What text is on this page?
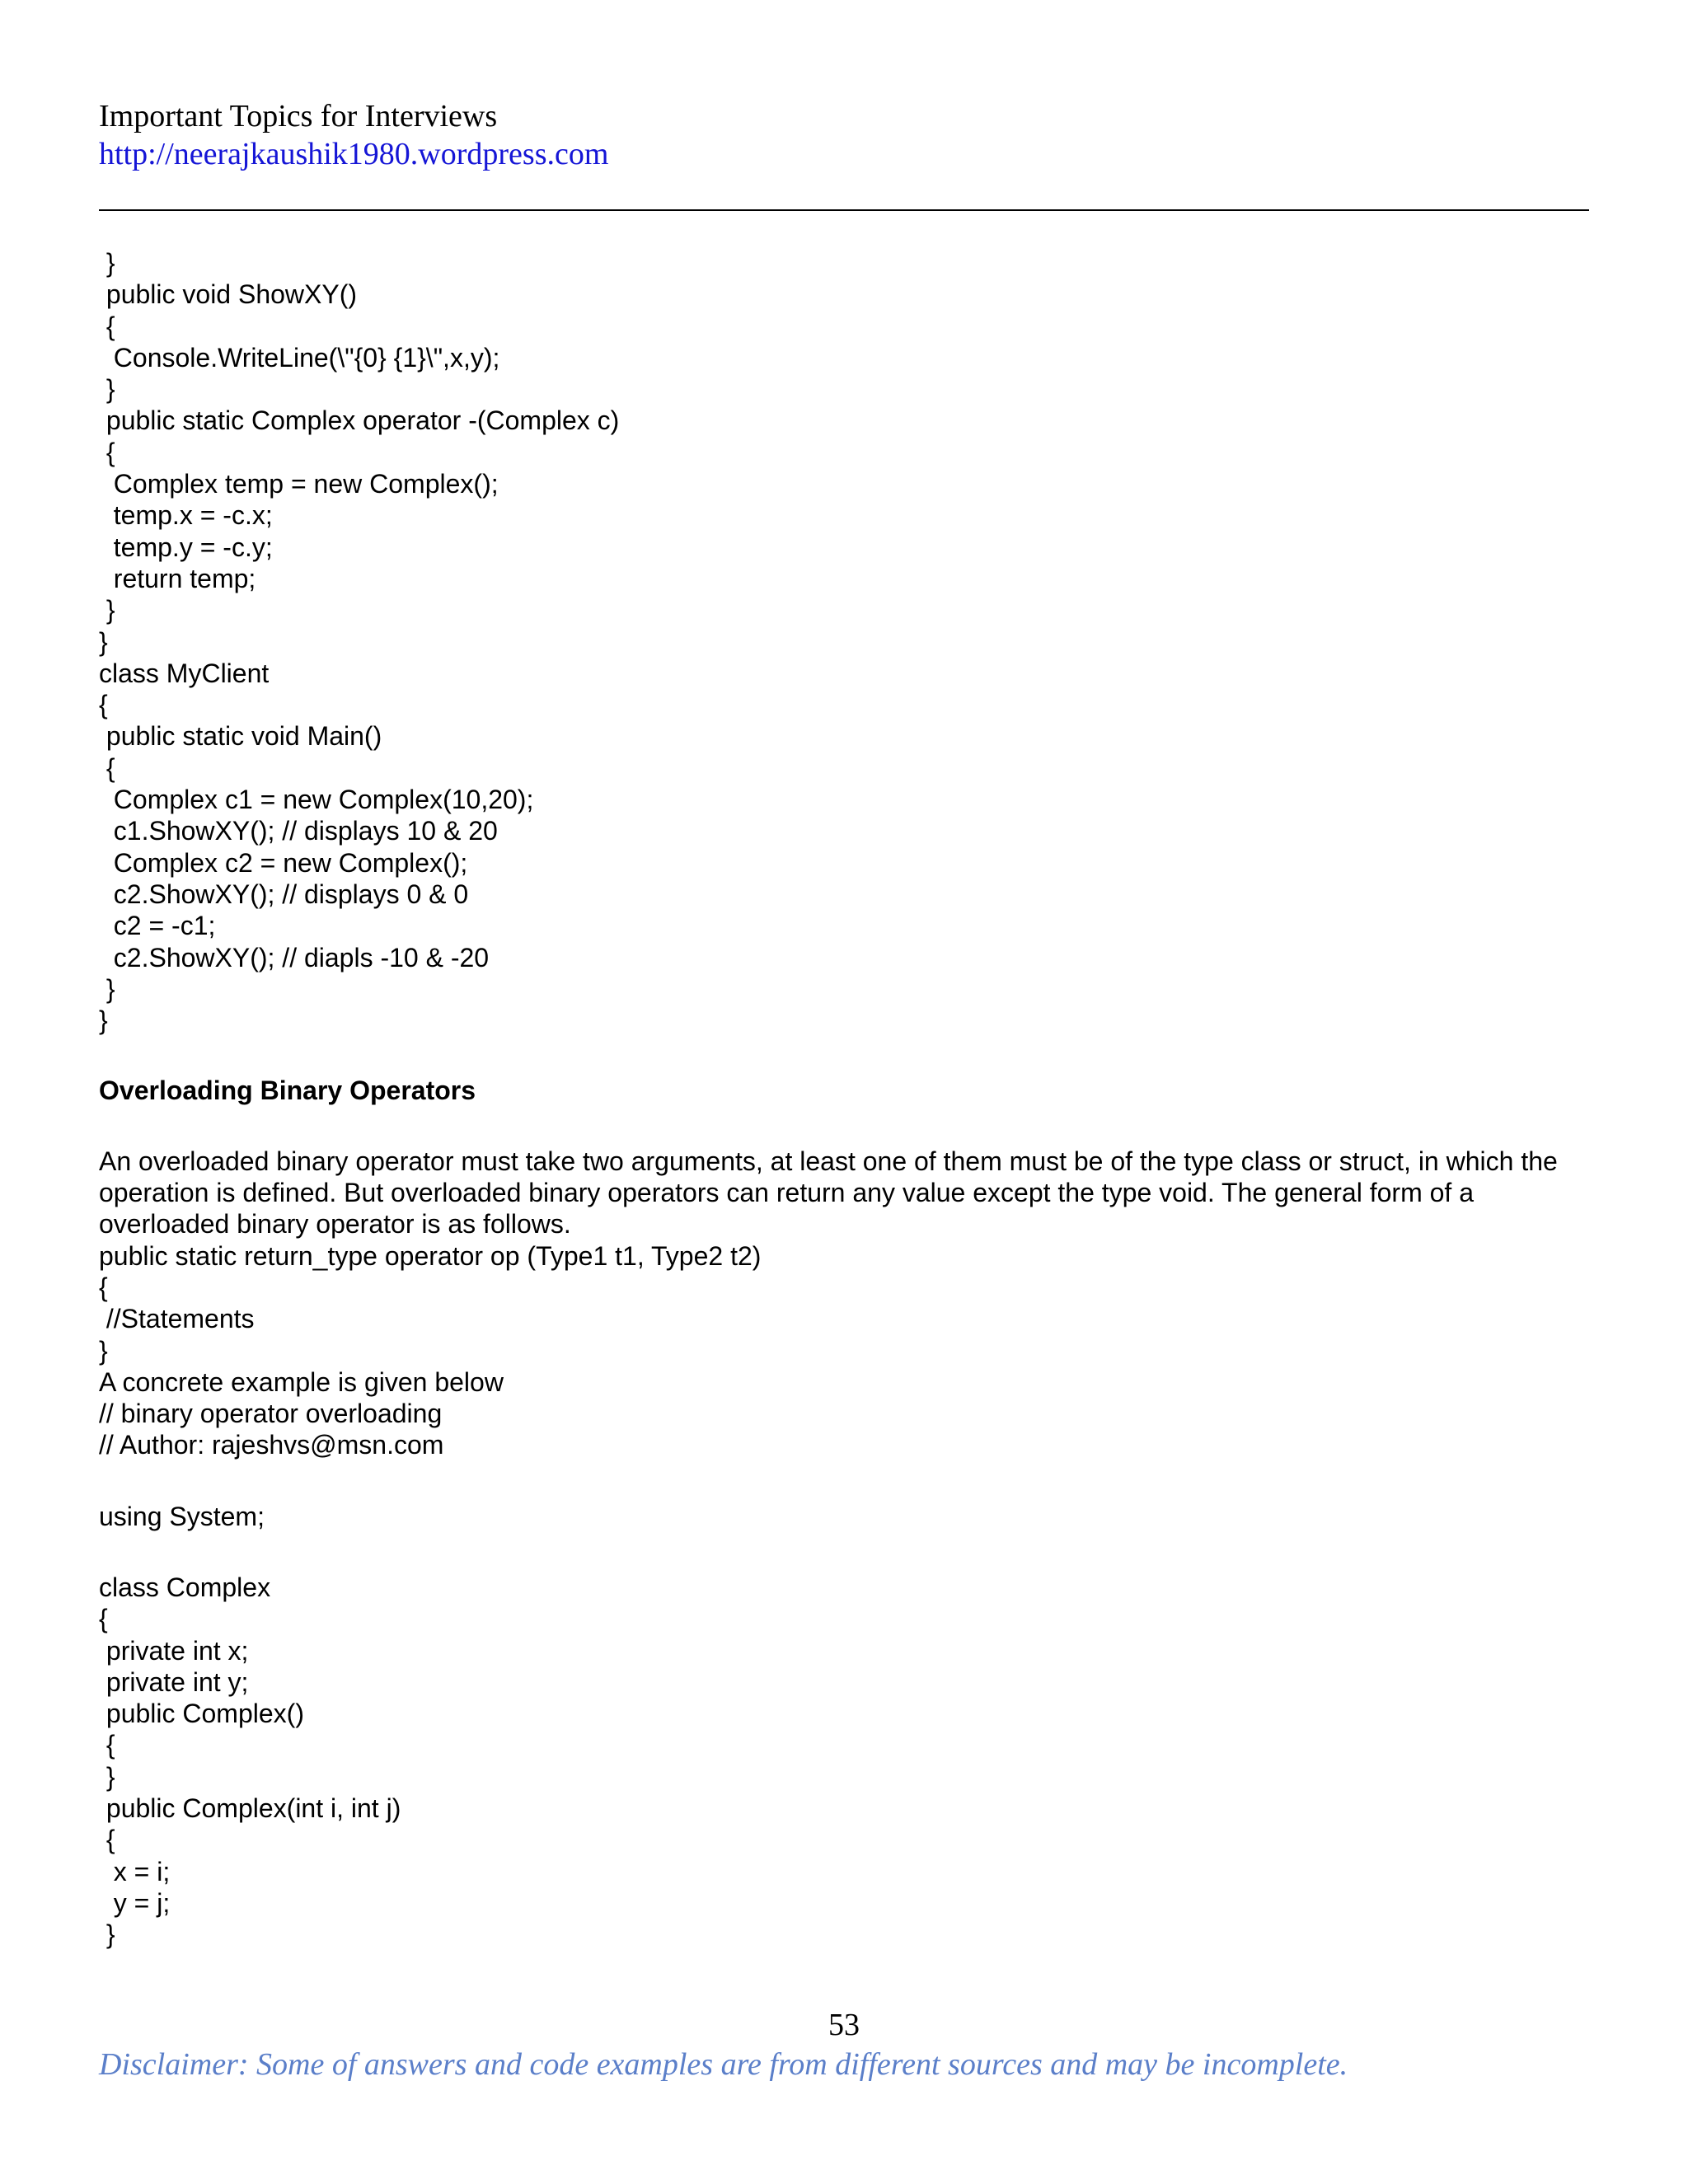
Important Topics for Interviews
http://neerajkaushik1980.wordpress.com
}
public void ShowXY()
{
Console.WriteLine(\"{0} {1}\",x,y);
}
public static Complex operator -(Complex c)
{
Complex temp = new Complex();
temp.x = -c.x;
temp.y = -c.y;
return temp;
}
}
class MyClient
{
public static void Main()
{
Complex c1 = new Complex(10,20);
c1.ShowXY(); // displays 10 & 20
Complex c2 = new Complex();
c2.ShowXY(); // displays 0 & 0
c2 = -c1;
c2.ShowXY(); // diapls -10 & -20
}
}
Overloading Binary Operators
An overloaded binary operator must take two arguments, at least one of them must be of the type class or struct, in which the operation is defined. But overloaded binary operators can return any value except the type void. The general form of a overloaded binary operator is as follows.
public static return_type operator op (Type1 t1, Type2 t2)
{
//Statements
}
A concrete example is given below
// binary operator overloading
// Author: rajeshvs@msn.com
using System;
class Complex
{
private int x;
private int y;
public Complex()
{
}
public Complex(int i, int j)
{
x = i;
y = j;
}
53
Disclaimer: Some of answers and code examples are from different sources and may be incomplete.
